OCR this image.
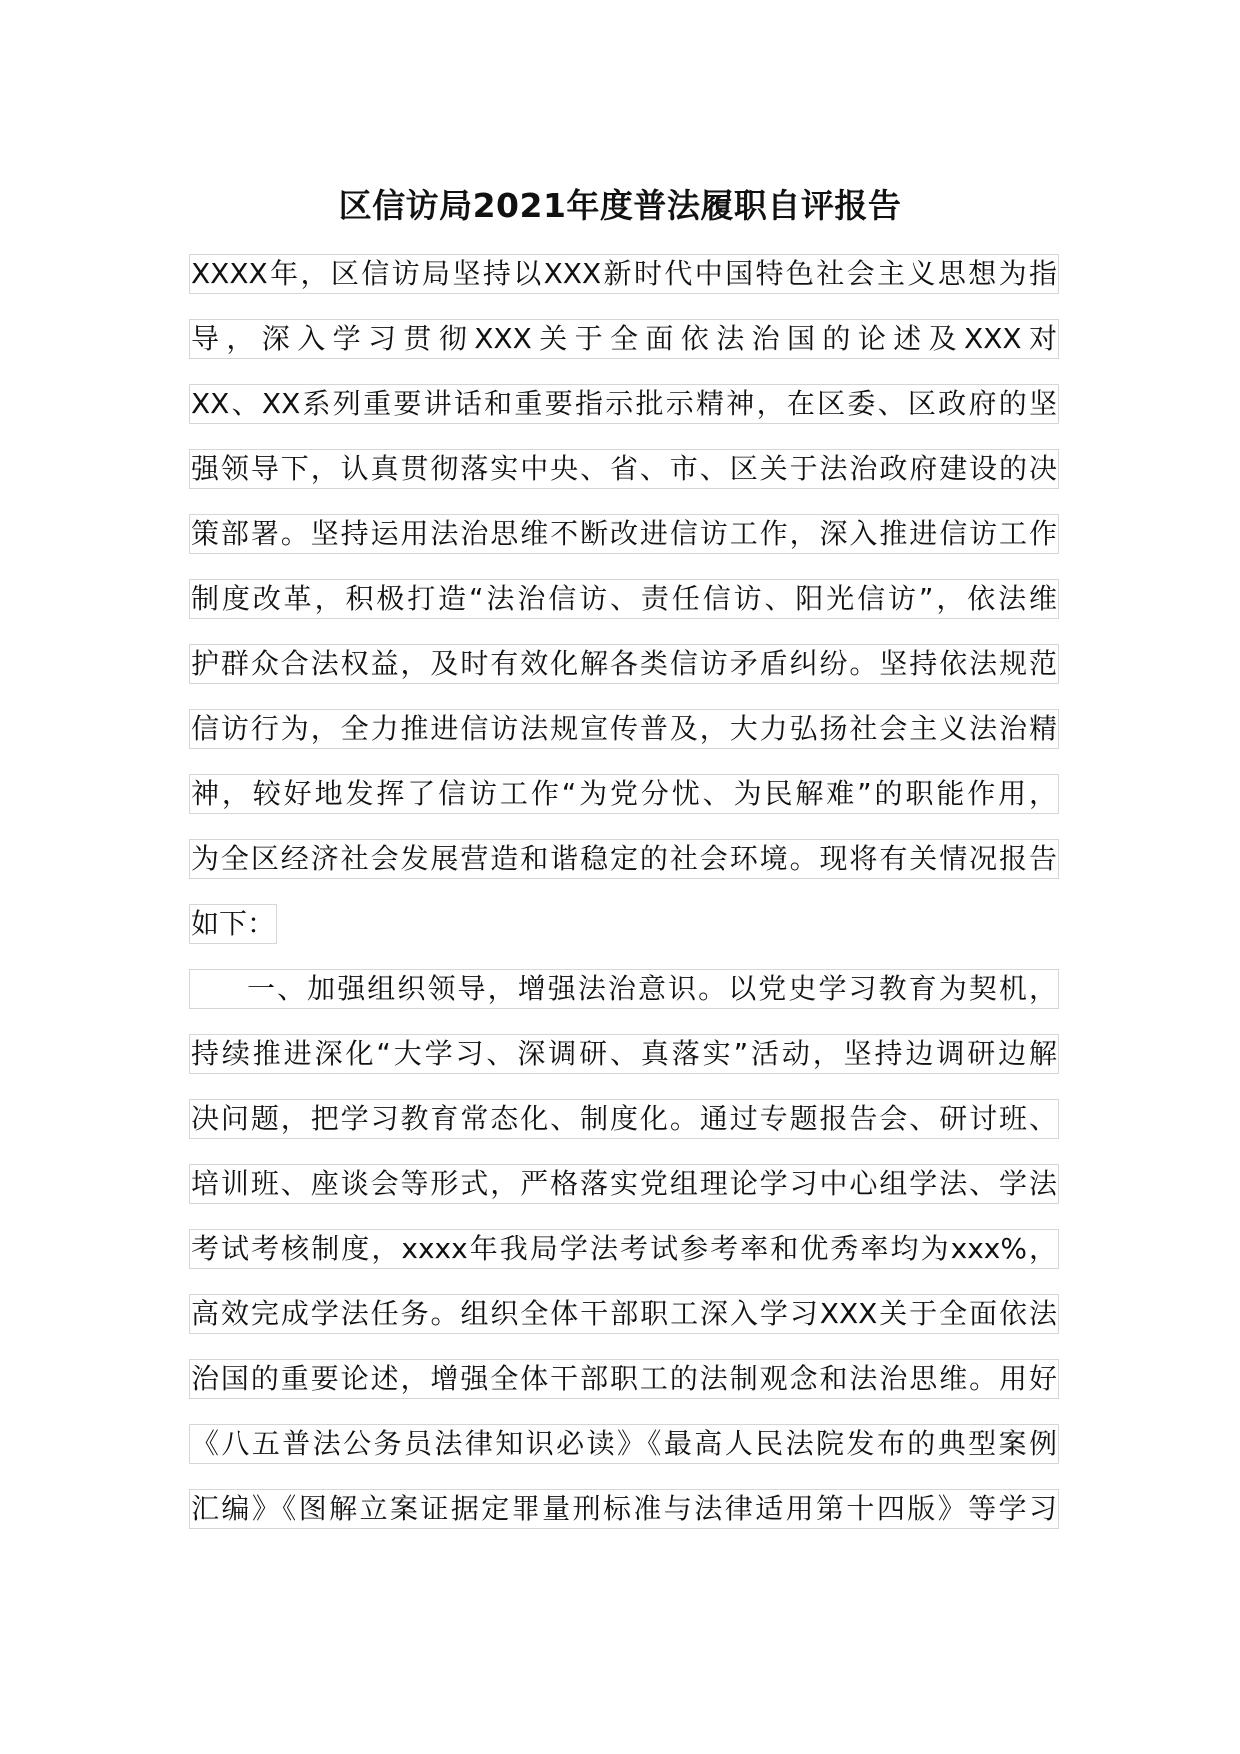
区信访局2021年度普法履职自评报告
XXXX年，区信访局坚持以XXX新时代中国特色社会主义思想为指
导，深入学习贯彻XXX关于全面依法治国的论述及XXX对
XX、XX系列重要讲话和重要指示批示精神，在区委、区政府的坚
强领导下，认真贯彻落实中央、省、市、区关于法治政府建设的决
策部署。坚持运用法治思维不断改进信访工作，深入推进信访工作
制度改革，积极打造“法治信访、责任信访、阳光信访”，依法维
护群众合法权益，及时有效化解各类信访矛盾纠纷。坚持依法规范
信访行为，全力推进信访法规宣传普及，大力弘扬社会主义法治精
神，较好地发挥了信访工作“为党分忧、为民解难”的职能作用，
为全区经济社会发展营造和谐稳定的社会环境。现将有关情况报告
如下：
一、加强组织领导，增强法治意识。以党史学习教育为契机，
持续推进深化“大学习、深调研、真落实”活动，坚持边调研边解
决问题，把学习教育常态化、制度化。通过专题报告会、研讨班、
培训班、座谈会等形式，严格落实党组理论学习中心组学法、学法
考试考核制度，xxxx年我局学法考试参考率和优秀率均为xxx%，
高效完成学法任务。组织全体干部职工深入学习XXX关于全面依法
治国的重要论述，增强全体干部职工的法制观念和法治思维。用好
《八五普法公务员法律知识必读》《最高人民法院发布的典型案例
汇编》《图解立案证据定罪量刑标准与法律适用第十四版》等学习
